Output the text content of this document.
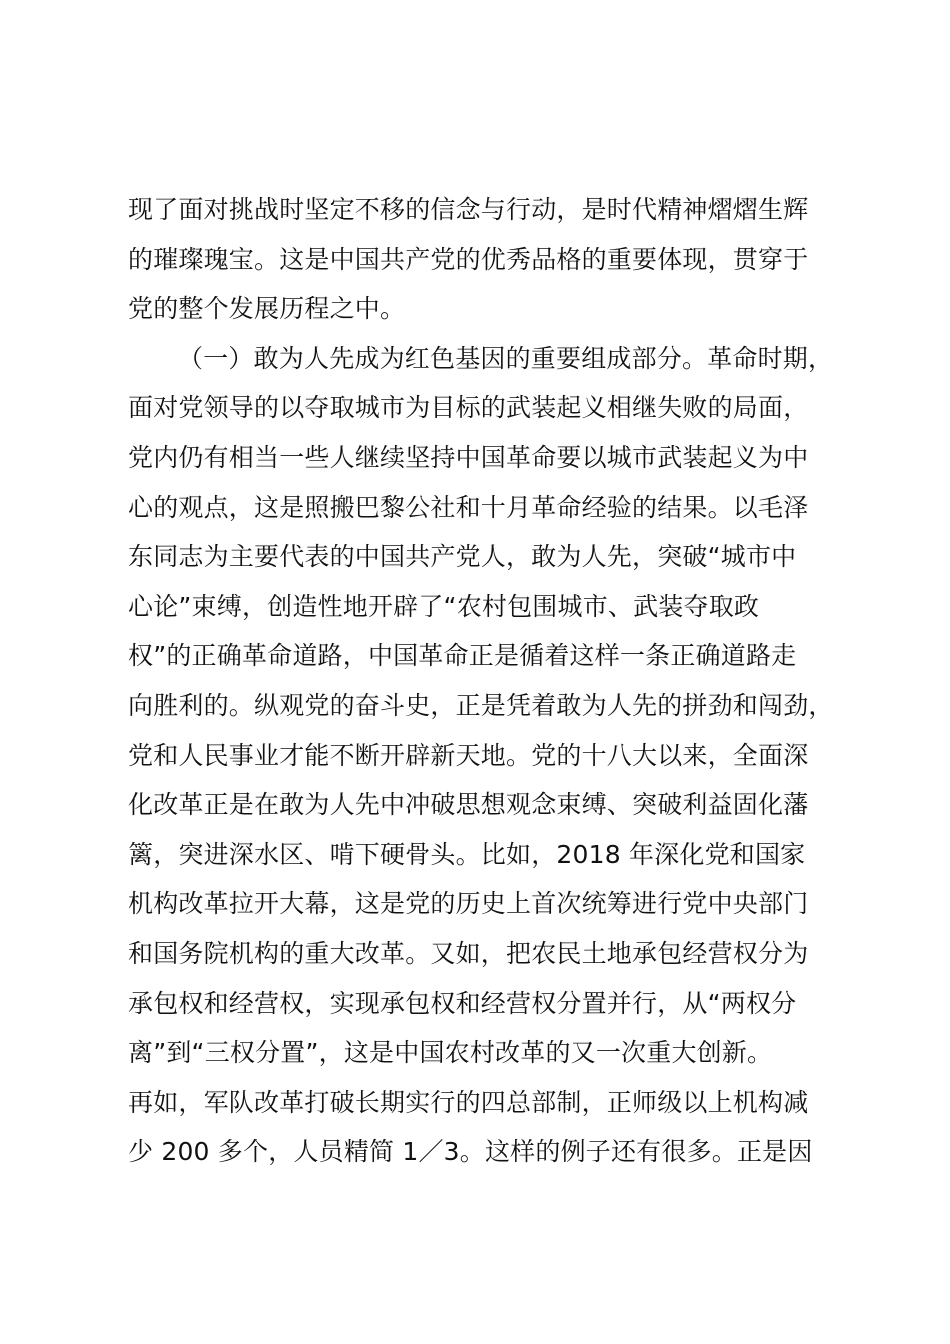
现了面对挑战时坚定不移的信念与行动，是时代精神熠熠生辉
的璀璨瑰宝。这是中国共产党的优秀品格的重要体现，贯穿于
党的整个发展历程之中。
（一）敢为人先成为红色基因的重要组成部分。革命时期，
面对党领导的以夺取城市为目标的武装起义相继失败的局面，
党内仍有相当一些人继续坚持中国革命要以城市武装起义为中
心的观点，这是照搬巴黎公社和十月革命经验的结果。以毛泽
东同志为主要代表的中国共产党人，敢为人先，突破“城市中
心论”束缚，创造性地开辟了“农村包围城市、武装夺取政
权”的正确革命道路，中国革命正是循着这样一条正确道路走
向胜利的。纵观党的奋斗史，正是凭着敢为人先的拼劲和闯劲，
党和人民事业才能不断开辟新天地。党的十八大以来，全面深
化改革正是在敢为人先中冲破思想观念束缚、突破利益固化藩
篱，突进深水区、啃下硬骨头。比如，2018 年深化党和国家
机构改革拉开大幕，这是党的历史上首次统筹进行党中央部门
和国务院机构的重大改革。又如，把农民土地承包经营权分为
承包权和经营权，实现承包权和经营权分置并行，从“两权分
离”到“三权分置”，这是中国农村改革的又一次重大创新。
再如，军队改革打破长期实行的四总部制，正师级以上机构减
少 200 多个，人员精简 1／3。这样的例子还有很多。正是因
